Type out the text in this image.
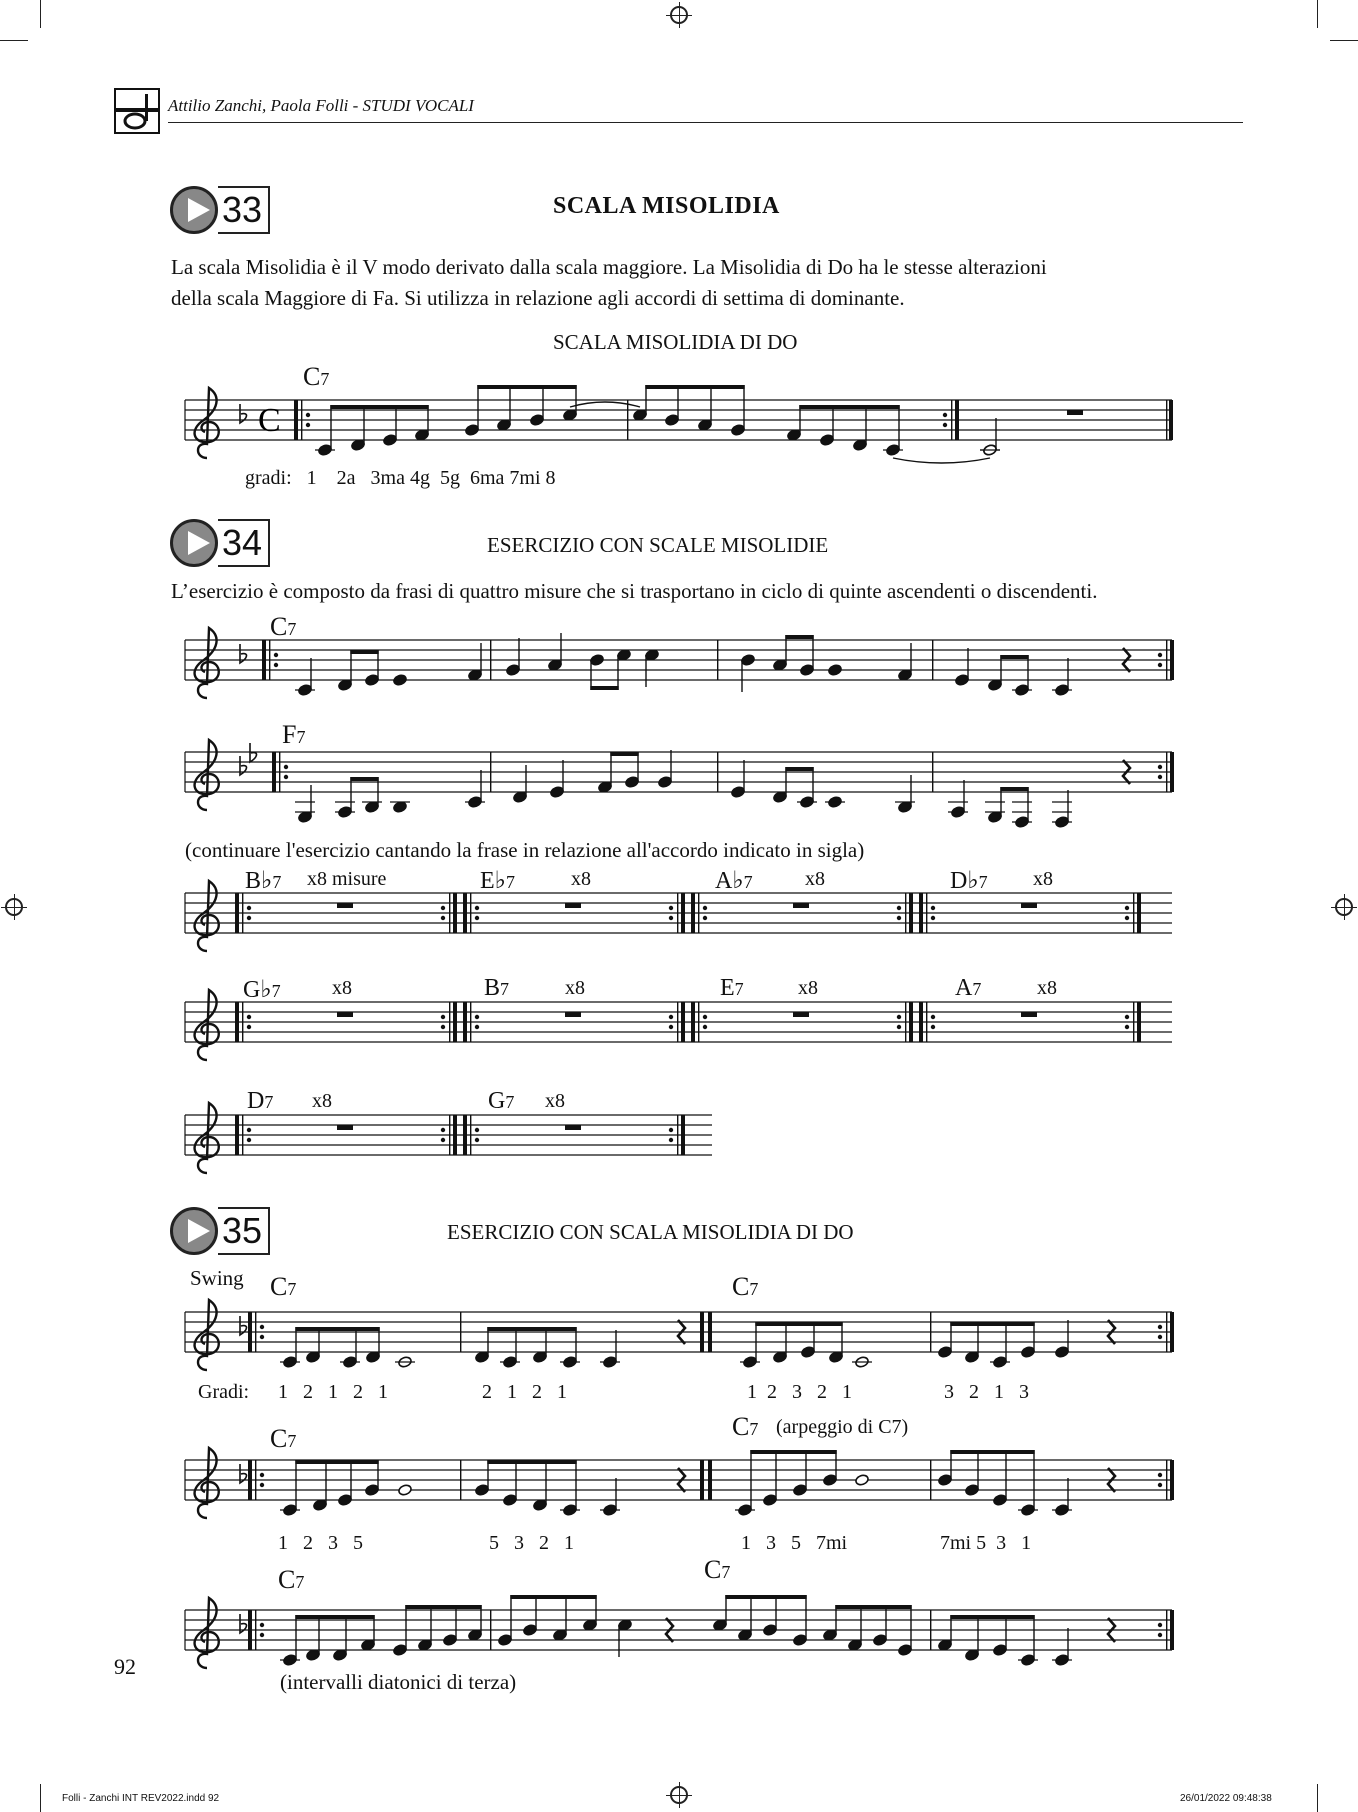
Attilio Zanchi, Paola Folli - STUDI VOCALI
33	SCALA MISOLIDIA
La scala Misolidia è il V modo derivato dalla scala maggiore. La Misolidia di Do ha le stesse alterazioni
della scala Maggiore di Fa. Si utilizza in relazione agli accordi di settima di dominante.
SCALA MISOLIDIA DI DO
C7
gradi:   1    2a   3ma 4g  5g  6ma 7mi 8
34	ESERCIZIO CON SCALE MISOLIDIE
L’esercizio è composto da frasi di quattro misure che si trasportano in ciclo di quinte ascendenti o discendenti.
C7
F7
(continuare l'esercizio cantando la frase in relazione all'accordo indicato in sigla)
B♭7 x8 misure	E♭7	x8	A♭7	x8	D♭7 x8
G♭7	x8	B7	x8	E7	x8	A7	x8
D7 x8	G7 x8
35	ESERCIZIO CON SCALA MISOLIDIA DI DO
Swing C7	C7
Gradi: 1   2   1   2   1	2   1   2   1	1  2   3   2   1	3   2   1   3
C7	C7 (arpeggio di C7)
1   2   3   5	5   3   2   1	1   3   5   7mi	7mi 5  3   1
C7	C7
(intervalli diatonici di terza)
92
Folli - Zanchi INT REV2022.indd 92	26/01/2022 09:48:38
C
